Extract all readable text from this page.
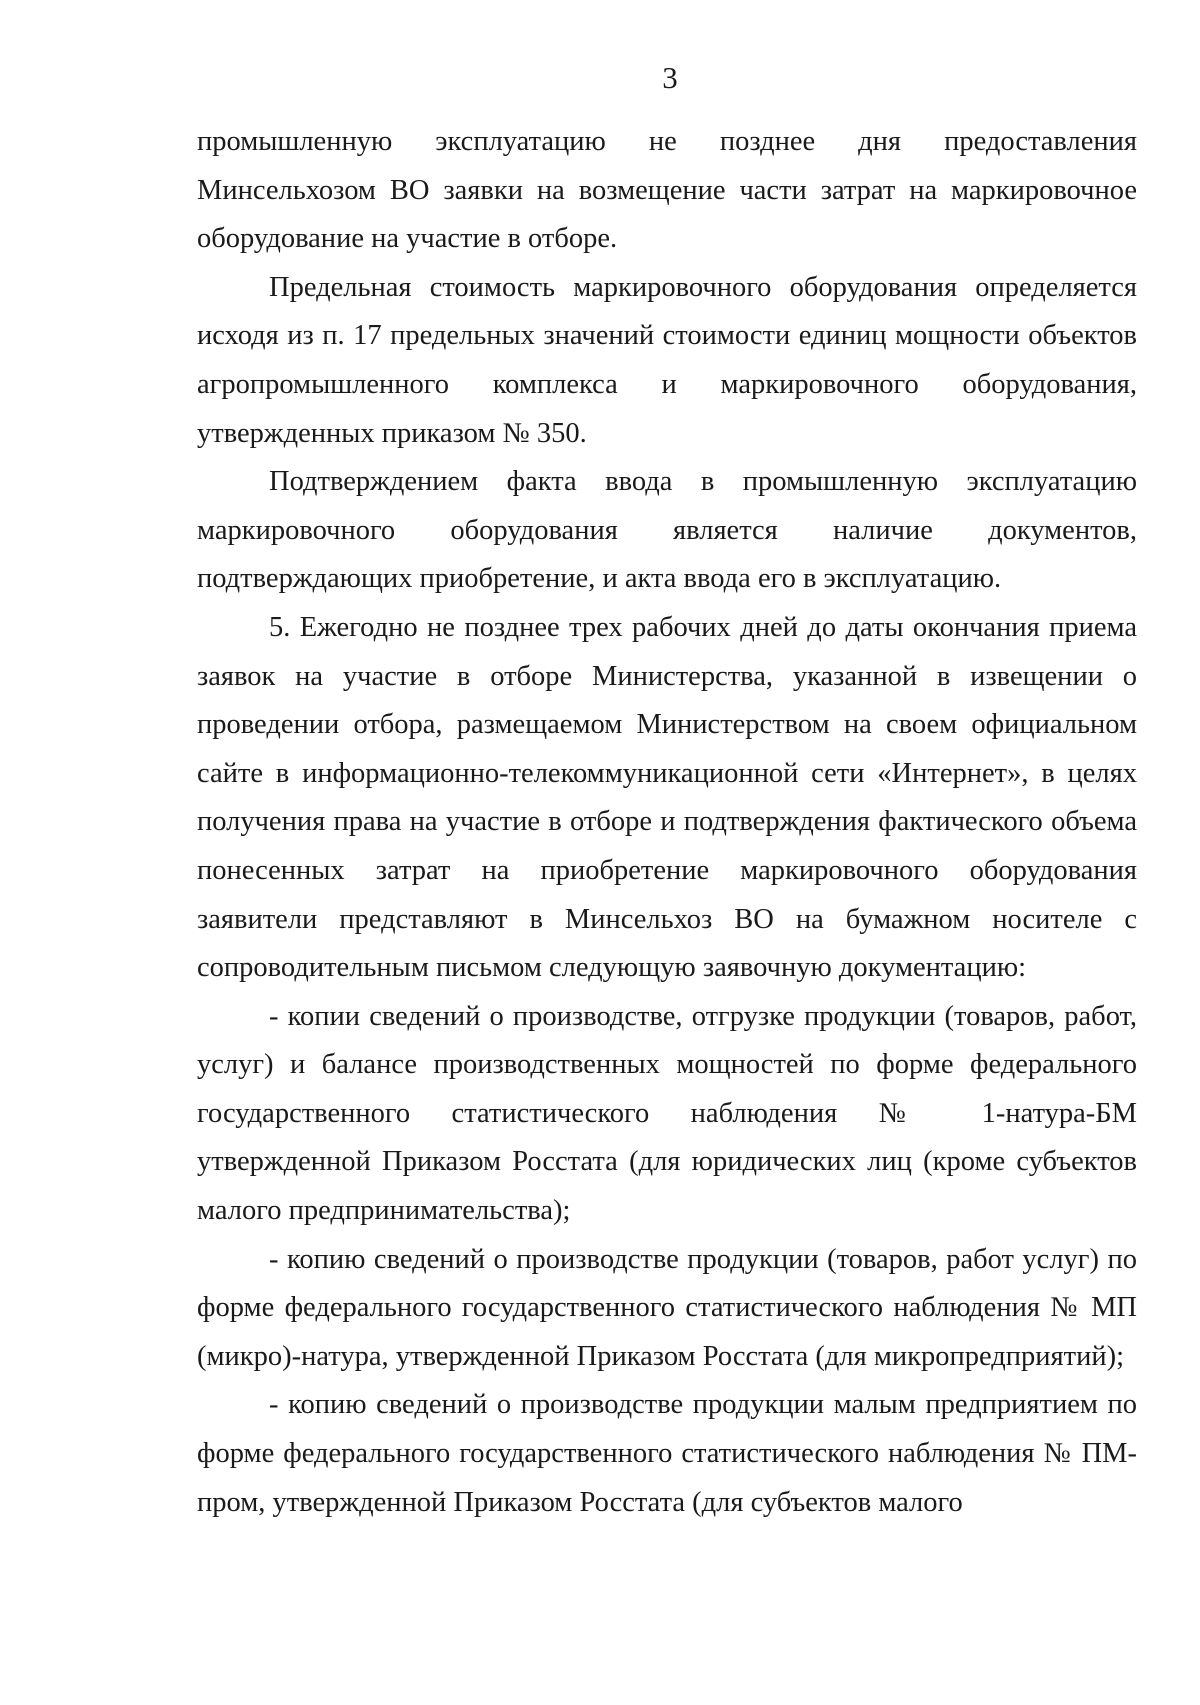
3

промышленную эксплуатацию не позднее дня предоставления Минсельхозом ВО заявки на возмещение части затрат на маркировочное оборудование на участие в отборе.

Предельная стоимость маркировочного оборудования определяется исходя из п. 17 предельных значений стоимости единиц мощности объектов агропромышленного комплекса и маркировочного оборудования, утвержденных приказом № 350.

Подтверждением факта ввода в промышленную эксплуатацию маркировочного оборудования является наличие документов, подтверждающих приобретение, и акта ввода его в эксплуатацию.

5. Ежегодно не позднее трех рабочих дней до даты окончания приема заявок на участие в отборе Министерства, указанной в извещении о проведении отбора, размещаемом Министерством на своем официальном сайте в информационно-телекоммуникационной сети «Интернет», в целях получения права на участие в отборе и подтверждения фактического объема понесенных затрат на приобретение маркировочного оборудования заявители представляют в Минсельхоз ВО на бумажном носителе с сопроводительным письмом следующую заявочную документацию:

- копии сведений о производстве, отгрузке продукции (товаров, работ, услуг) и балансе производственных мощностей по форме федерального государственного статистического наблюдения № 1-натура-БМ утвержденной Приказом Росстата (для юридических лиц (кроме субъектов малого предпринимательства);

- копию сведений о производстве продукции (товаров, работ услуг) по форме федерального государственного статистического наблюдения № МП (микро)-натура, утвержденной Приказом Росстата (для микропредприятий);

- копию сведений о производстве продукции малым предприятием по форме федерального государственного статистического наблюдения № ПМ-пром, утвержденной Приказом Росстата (для субъектов малого
